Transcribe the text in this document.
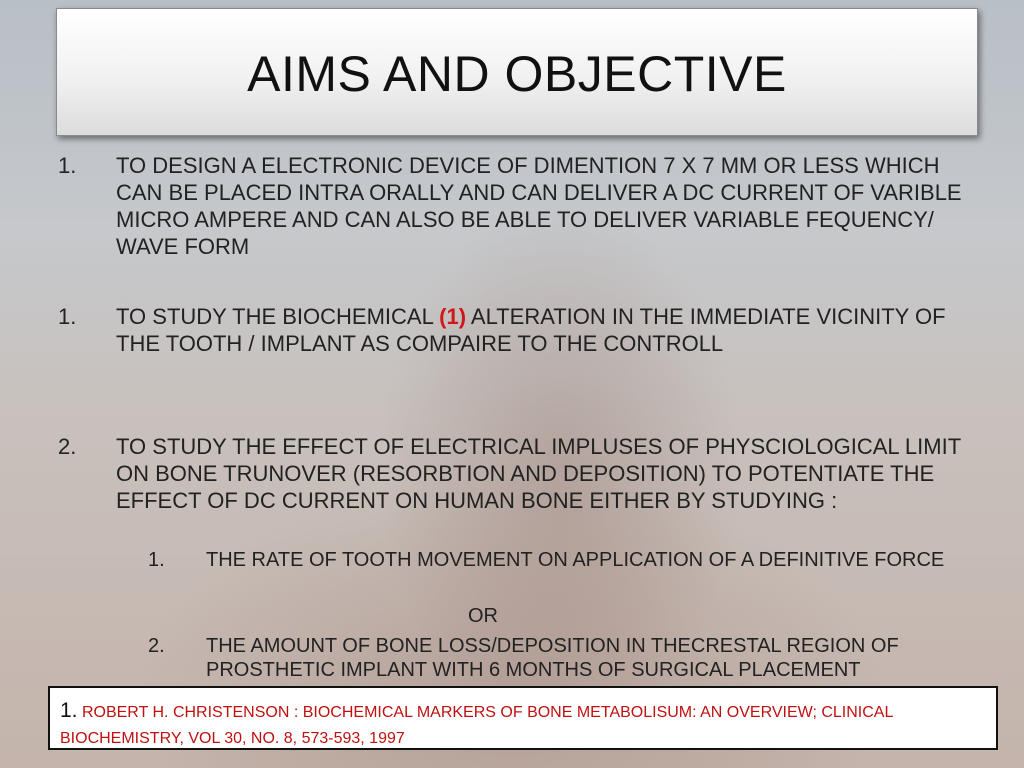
AIMS AND OBJECTIVE
1.	TO DESIGN A ELECTRONIC DEVICE OF DIMENTION 7 X 7 MM OR LESS WHICH CAN BE PLACED INTRA ORALLY AND CAN DELIVER A DC CURRENT OF VARIBLE MICRO AMPERE AND CAN ALSO BE ABLE TO DELIVER VARIABLE FEQUENCY/ WAVE FORM
1.	TO STUDY THE BIOCHEMICAL (1) ALTERATION IN THE IMMEDIATE VICINITY OF THE TOOTH / IMPLANT AS COMPAIRE TO THE CONTROLL
2.	TO STUDY THE EFFECT OF ELECTRICAL IMPLUSES OF PHYSCIOLOGICAL LIMIT ON BONE TRUNOVER (RESORBTION AND DEPOSITION) TO POTENTIATE THE EFFECT OF DC CURRENT ON HUMAN BONE EITHER BY STUDYING :
1.	THE RATE OF TOOTH MOVEMENT ON APPLICATION OF A DEFINITIVE FORCE
OR
2.	THE AMOUNT OF BONE LOSS/DEPOSITION IN THECRESTAL REGION OF PROSTHETIC IMPLANT WITH 6 MONTHS OF SURGICAL PLACEMENT
1. ROBERT H. CHRISTENSON : BIOCHEMICAL MARKERS OF BONE METABOLISUM: AN OVERVIEW; CLINICAL BIOCHEMISTRY, VOL 30, NO. 8, 573-593, 1997
